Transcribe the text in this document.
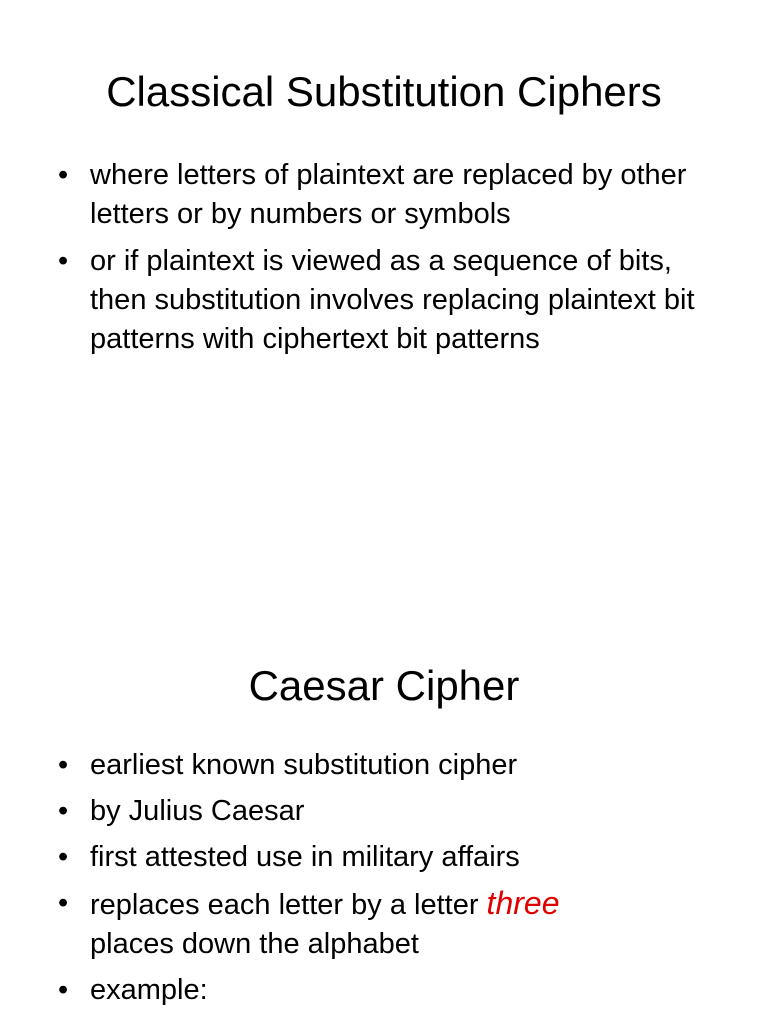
Classical Substitution Ciphers
• where letters of plaintext are replaced by other letters or by numbers or symbols
• or if plaintext is viewed as a sequence of bits, then substitution involves replacing plaintext bit patterns with ciphertext bit patterns
Caesar Cipher
• earliest known substitution cipher
• by Julius Caesar
• first attested use in military affairs
• replaces each letter by a letter three
places down the alphabet
• example:
